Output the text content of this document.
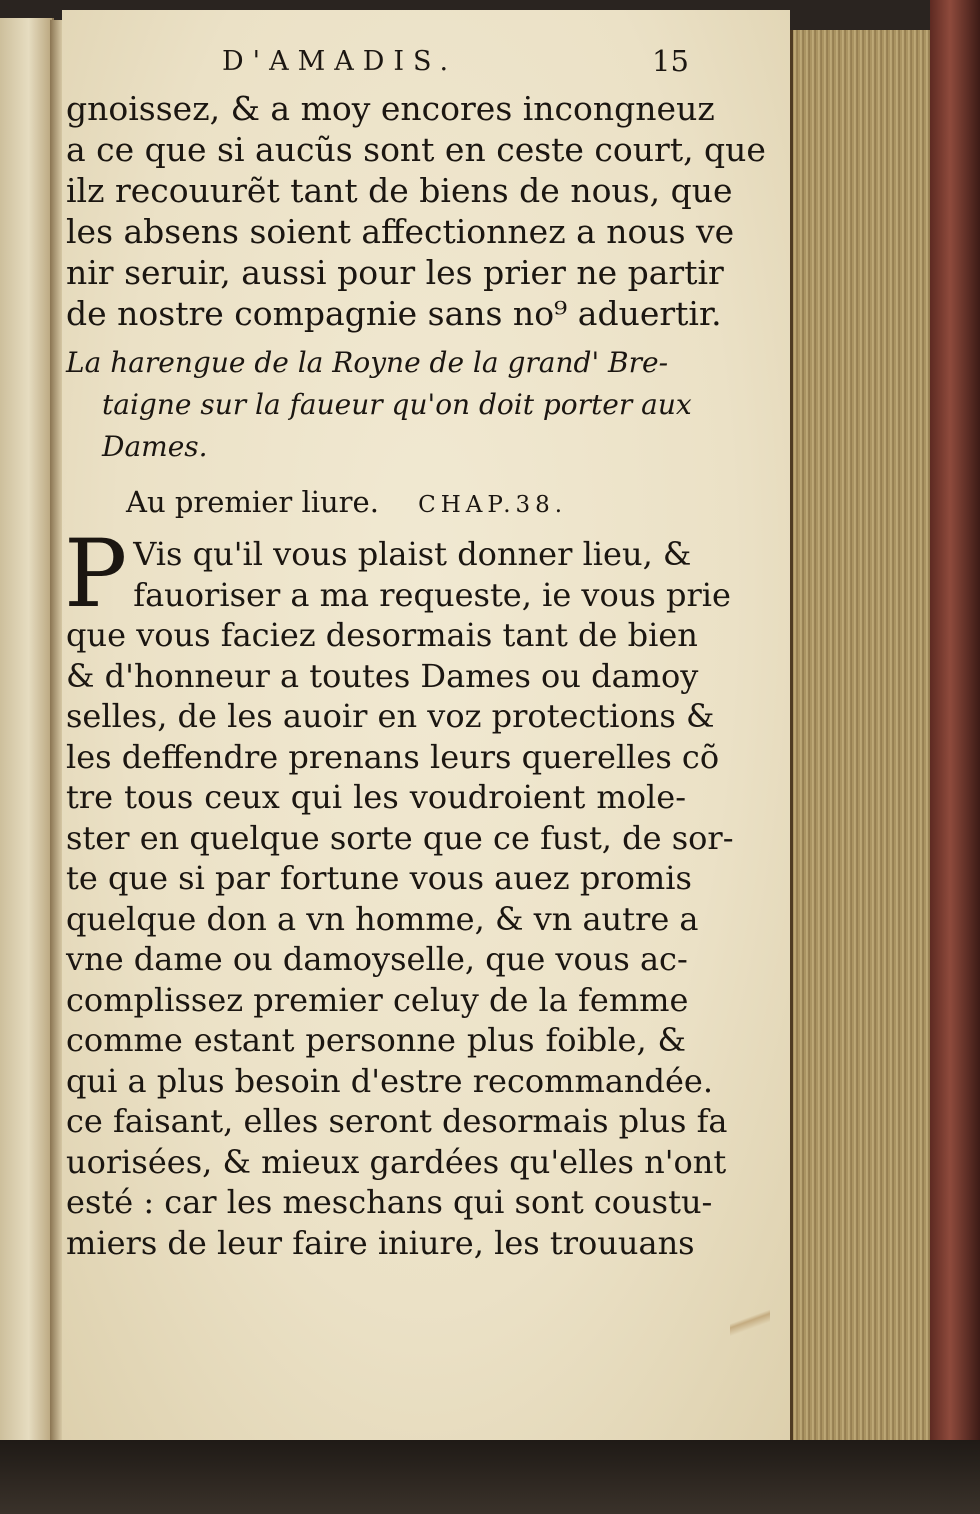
D'AMADIS.	15
gnoissez, & a moy encores incongneuz
a ce que si aucũs sont en ceste court, que
ilz recouurẽt tant de biens de nous, que
les absens soient affectionnez a nous ve
nir seruir, aussi pour les prier ne partir
de nostre compagnie sans no⁹ aduertir.
La harengue de la Royne de la grand' Bre-
taigne sur la faueur qu'on doit porter aux
Dames.
Au premier liure. CHAP.38.
P Vis qu'il vous plaist donner lieu, &
fauoriser a ma requeste, ie vous prie
que vous faciez desormais tant de bien
& d'honneur a toutes Dames ou damoy
selles, de les auoir en voz protections &
les deffendre prenans leurs querelles cõ
tre tous ceux qui les voudroient mole-
ster en quelque sorte que ce fust, de sor-
te que si par fortune vous auez promis
quelque don a vn homme, & vn autre a
vne dame ou damoyselle, que vous ac-
complissez premier celuy de la femme
comme estant personne plus foible, &
qui a plus besoin d'estre recommandée.
ce faisant, elles seront desormais plus fa
uorisées, & mieux gardées qu'elles n'ont
esté : car les meschans qui sont coustu-
miers de leur faire iniure, les trouuans
